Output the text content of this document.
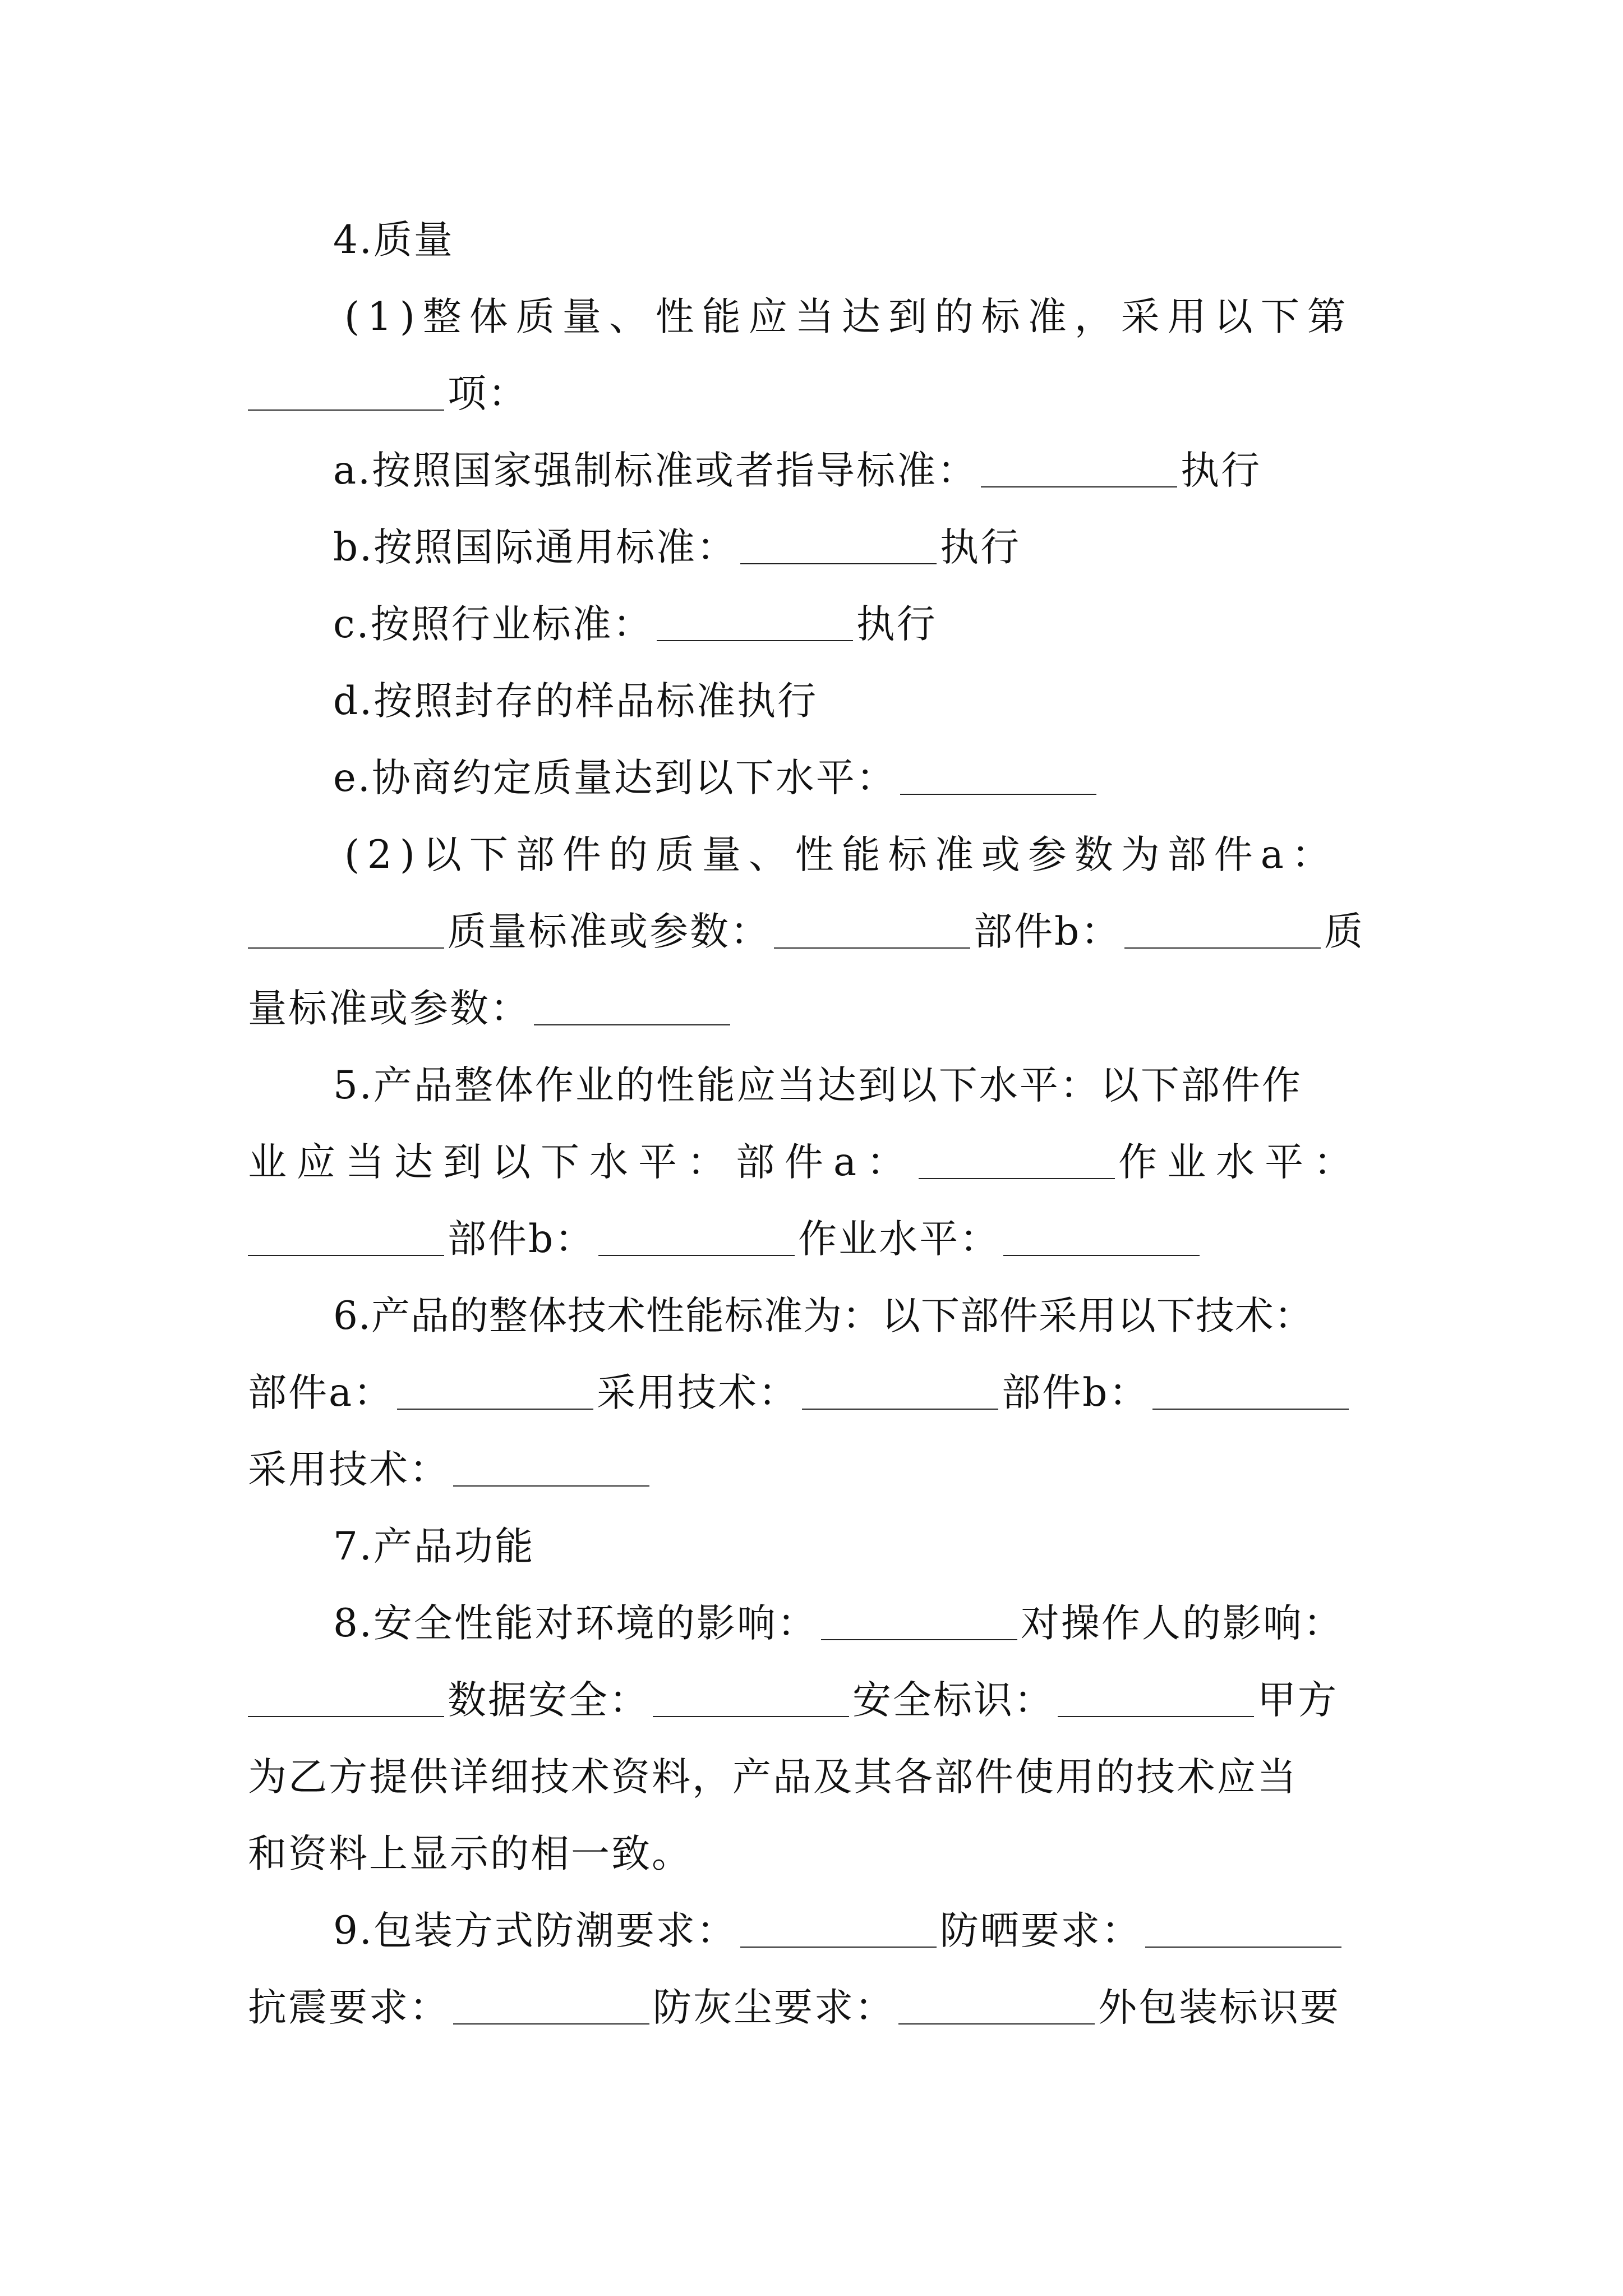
4.质量
(1)整体质量、性能应当达到的标准，采用以下第
项：
a.按照国家强制标准或者指导标准：	执行
b.按照国际通用标准：	执行
c.按照行业标准：	执行
d.按照封存的样品标准执行
e.协商约定质量达到以下水平：
(2)以下部件的质量、性能标准或参数为部件a：
质量标准或参数：	部件b：	质
量标准或参数：
5.产品整体作业的性能应当达到以下水平：以下部件作
业应当达到以下水平：部件a：	作业水平：
部件b：	作业水平：
6.产品的整体技术性能标准为：以下部件采用以下技术：
部件a：	采用技术：	部件b：
采用技术：
7.产品功能
8.安全性能对环境的影响：	对操作人的影响：
数据安全：	安全标识：	甲方
为乙方提供详细技术资料，产品及其各部件使用的技术应当
和资料上显示的相一致。
9.包装方式防潮要求：	防晒要求：
抗震要求：	防灰尘要求：	外包装标识要
